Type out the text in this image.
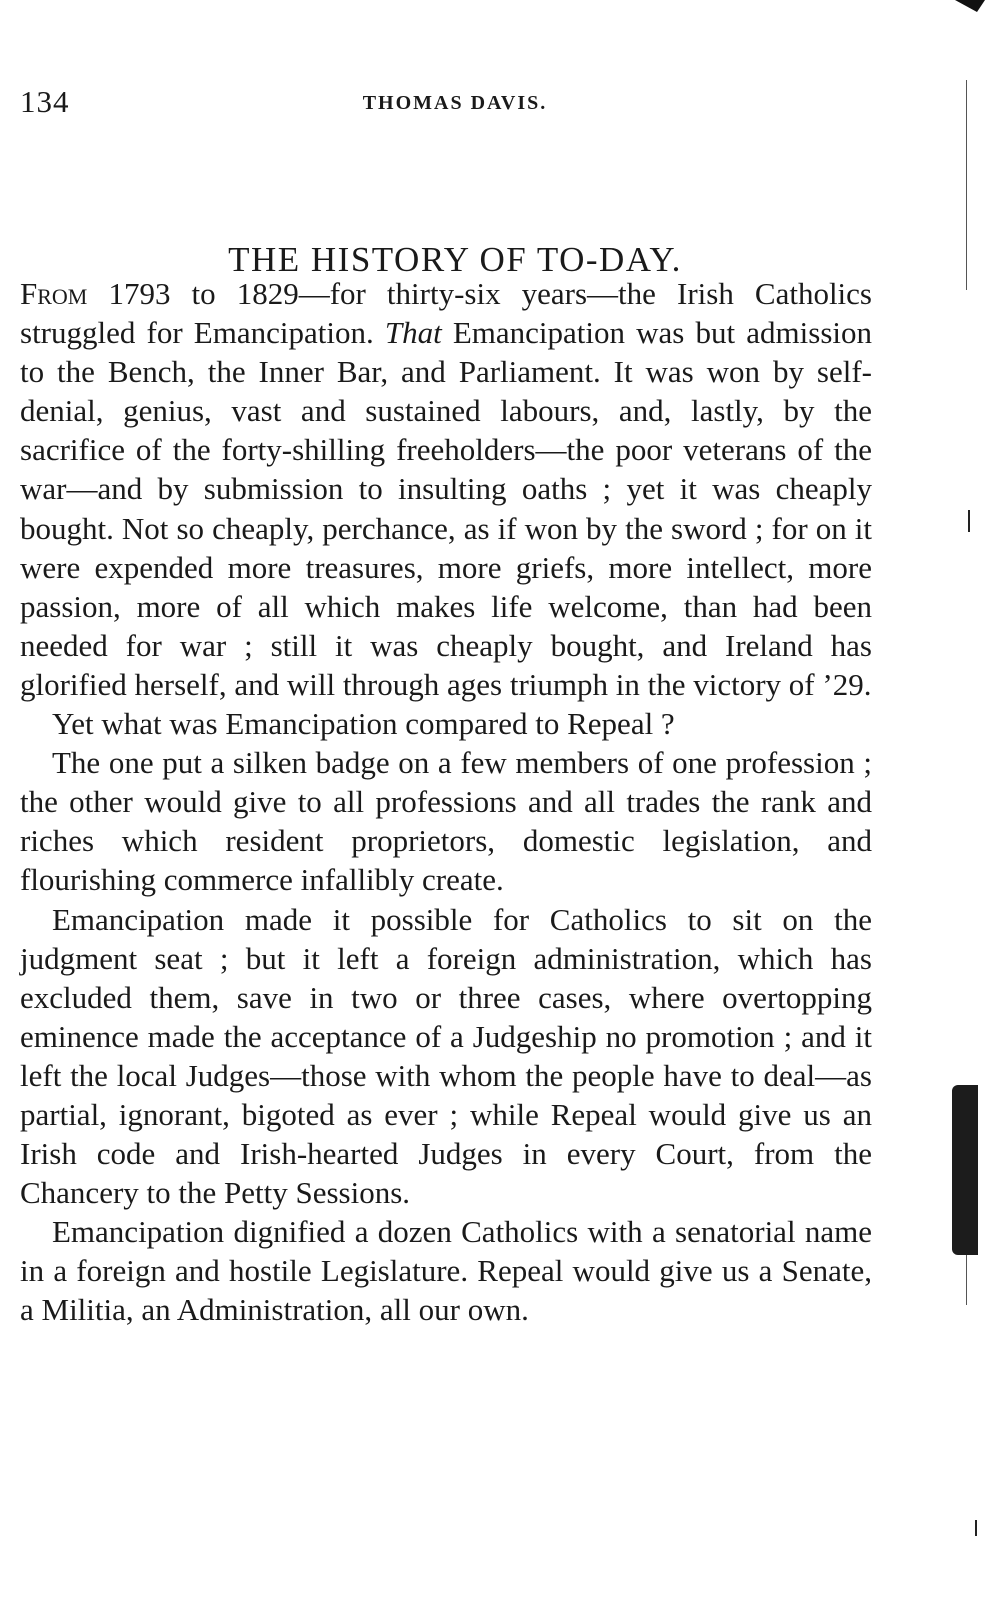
134	THOMAS DAVIS.
THE HISTORY OF TO-DAY.

From 1793 to 1829—for thirty-six years—the Irish Catholics struggled for Emancipation. That Emancipation was but admission to the Bench, the Inner Bar, and Parliament. It was won by self-denial, genius, vast and sustained labours, and, lastly, by the sacrifice of the forty-shilling freeholders—the poor veterans of the war—and by submission to insulting oaths ; yet it was cheaply bought. Not so cheaply, perchance, as if won by the sword ; for on it were expended more treasures, more griefs, more intellect, more passion, more of all which makes life welcome, than had been needed for war ; still it was cheaply bought, and Ireland has glorified herself, and will through ages triumph in the victory of ’29.

Yet what was Emancipation compared to Repeal ?

The one put a silken badge on a few members of one profession ; the other would give to all professions and all trades the rank and riches which resident proprietors, domestic legislation, and flourishing commerce infallibly create.

Emancipation made it possible for Catholics to sit on the judgment seat ; but it left a foreign administration, which has excluded them, save in two or three cases, where overtopping eminence made the acceptance of a Judgeship no promotion ; and it left the local Judges—those with whom the people have to deal—as partial, ignorant, bigoted as ever ; while Repeal would give us an Irish code and Irish-hearted Judges in every Court, from the Chancery to the Petty Sessions.

Emancipation dignified a dozen Catholics with a senatorial name in a foreign and hostile Legislature. Repeal would give us a Senate, a Militia, an Administration, all our own.
